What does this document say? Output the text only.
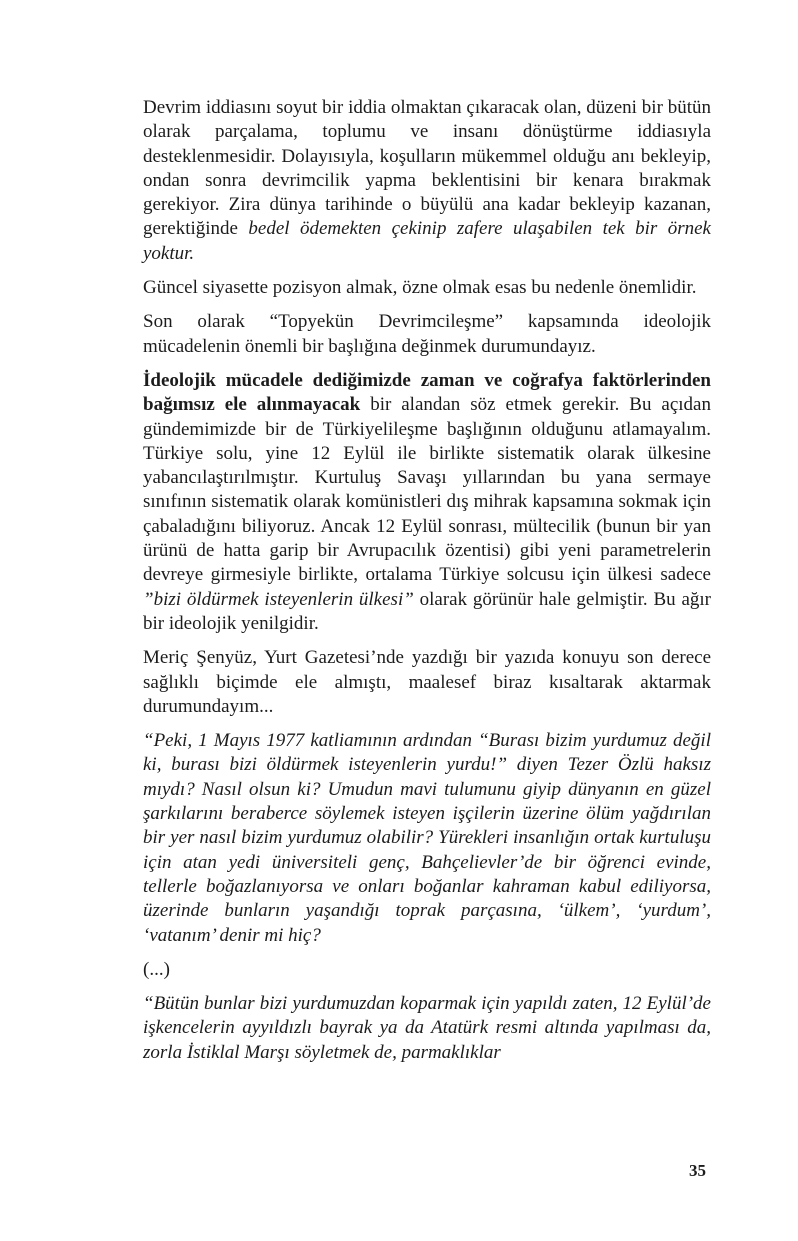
Devrim iddiasını soyut bir iddia olmaktan çıkaracak olan, düzeni bir bütün olarak parçalama, toplumu ve insanı dönüştürme iddiasıyla desteklenmesidir. Dolayısıyla, koşulların mükemmel olduğu anı bekleyip, ondan sonra devrimcilik yapma beklentisini bir kenara bırakmak gerekiyor. Zira dünya tarihinde o büyülü ana kadar bekleyip kazanan, gerektiğinde bedel ödemekten çekinip zafere ulaşabilen tek bir örnek yoktur.

Güncel siyasette pozisyon almak, özne olmak esas bu nedenle önemlidir.

Son olarak “Topyekün Devrimcileşme” kapsamında ideolojik mücadelenin önemli bir başlığına değinmek durumundayız.

İdeolojik mücadele dediğimizde zaman ve coğrafya faktörlerinden bağımsız ele alınmayacak bir alandan söz etmek gerekir. Bu açıdan gündemimizde bir de Türkiyelileşme başlığının olduğunu atlamayalım. Türkiye solu, yine 12 Eylül ile birlikte sistematik olarak ülkesine yabancılaştırılmıştır. Kurtuluş Savaşı yıllarından bu yana sermaye sınıfının sistematik olarak komünistleri dış mihrak kapsamına sokmak için çabaladığını biliyoruz. Ancak 12 Eylül sonrası, mültecilik (bunun bir yan ürünü de hatta garip bir Avrupacılık özentisi) gibi yeni parametrelerin devreye girmesiyle birlikte, ortalama Türkiye solcusu için ülkesi sadece ”bizi öldürmek isteyenlerin ülkesi” olarak görünür hale gelmiştir. Bu ağır bir ideolojik yenilgidir.

Meriç Şenyüz, Yurt Gazetesi’nde yazdığı bir yazıda konuyu son derece sağlıklı biçimde ele almıştı, maalesef biraz kısaltarak aktarmak durumundayım...

“Peki, 1 Mayıs 1977 katliamının ardından “Burası bizim yurdumuz değil ki, burası bizi öldürmek isteyenlerin yurdu!” diyen Tezer Özlü haksız mıydı? Nasıl olsun ki? Umudun mavi tulumunu giyip dünyanın en güzel şarkılarını beraberce söylemek isteyen işçilerin üzerine ölüm yağdırılan bir yer nasıl bizim yurdumuz olabilir? Yürekleri insanlığın ortak kurtuluşu için atan yedi üniversiteli genç, Bahçelievler’de bir öğrenci evinde, tellerle boğazlanıyorsa ve onları boğanlar kahraman kabul ediliyorsa, üzerinde bunların yaşandığı toprak parçasına, ‘ülkem’, ‘yurdum’, ‘vatanım’ denir mi hiç?

(...)

“Bütün bunlar bizi yurdumuzdan koparmak için yapıldı zaten, 12 Eylül’de işkencelerin ayyıldızlı bayrak ya da Atatürk resmi altında yapılması da, zorla İstiklal Marşı söyletmek de, parmaklıklar

35
